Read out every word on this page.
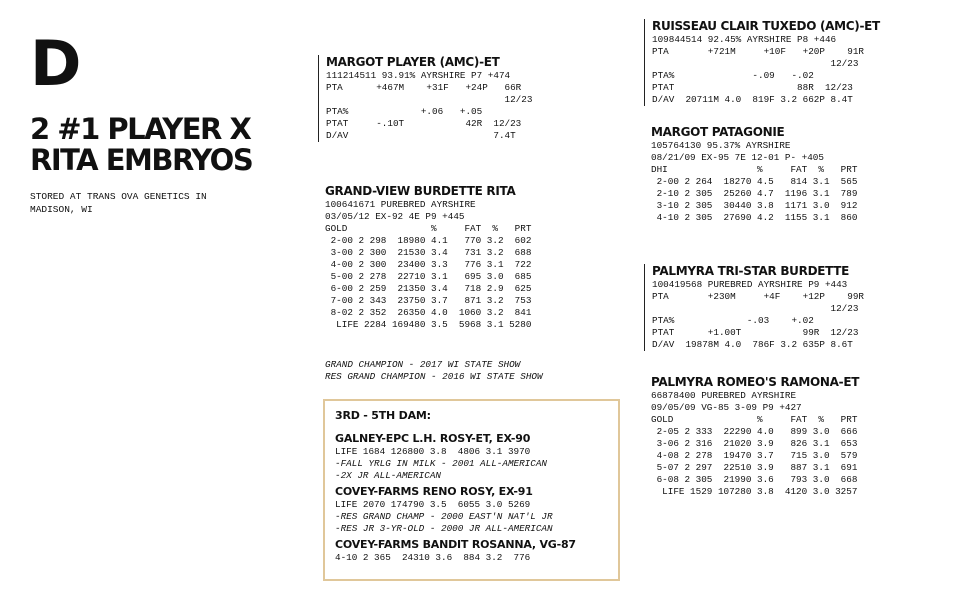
D
2 #1 PLAYER X
RITA EMBRYOS
STORED AT TRANS OVA GENETICS IN
MADISON, WI
MARGOT PLAYER (AMC)-ET
111214511 93.91% AYRSHIRE P7 +474
PTA      +467M    +31F   +24P   66R
12/23
PTA%             +.06   +.05
PTAT     -.10T           42R  12/23
D/AV                          7.4T
GRAND-VIEW BURDETTE RITA
100641671 PUREBRED AYRSHIRE
03/05/12 EX-92 4E P9 +445
GOLD               %     FAT  %   PRT
2-00 2 298  18980 4.1   770 3.2  602
3-00 2 300  21530 3.4   731 3.2  688
4-00 2 300  23400 3.3   776 3.1  722
5-00 2 278  22710 3.1   695 3.0  685
6-00 2 259  21350 3.4   718 2.9  625
7-00 2 343  23750 3.7   871 3.2  753
8-02 2 352  26350 4.0  1060 3.2  841
LIFE 2284 169480 3.5  5968 3.1 5280
GRAND CHAMPION - 2017 WI STATE SHOW
RES GRAND CHAMPION - 2016 WI STATE SHOW
3RD - 5TH DAM:
GALNEY-EPC L.H. ROSY-ET, EX-90
LIFE 1684 126800 3.8  4806 3.1 3970
-FALL YRLG IN MILK - 2001 ALL-AMERICAN
-2X JR ALL-AMERICAN
COVEY-FARMS RENO ROSY, EX-91
LIFE 2070 174790 3.5  6055 3.0 5269
-RES GRAND CHAMP - 2000 EAST'N NAT'L JR
-RES JR 3-YR-OLD - 2000 JR ALL-AMERICAN
COVEY-FARMS BANDIT ROSANNA, VG-87
4-10 2 365  24310 3.6  884 3.2  776
RUISSEAU CLAIR TUXEDO (AMC)-ET
109844514 92.45% AYRSHIRE P8 +446
PTA       +721M     +10F   +20P    91R
12/23
PTA%              -.09   -.02
PTAT                      88R  12/23
D/AV  20711M 4.0  819F 3.2 662P 8.4T
MARGOT PATAGONIE
105764130 95.37% AYRSHIRE
08/21/09 EX-95 7E 12-01 P- +405
DHI                %     FAT  %   PRT
2-00 2 264  18270 4.5   814 3.1  565
2-10 2 305  25260 4.7  1196 3.1  789
3-10 2 305  30440 3.8  1171 3.0  912
4-10 2 305  27690 4.2  1155 3.1  860
PALMYRA TRI-STAR BURDETTE
100419568 PUREBRED AYRSHIRE P9 +443
PTA       +230M     +4F    +12P    99R
12/23
PTA%             -.03    +.02
PTAT      +1.00T           99R  12/23
D/AV  19878M 4.0  786F 3.2 635P 8.6T
PALMYRA ROMEO'S RAMONA-ET
66878400 PUREBRED AYRSHIRE
09/05/09 VG-85 3-09 P9 +427
GOLD               %     FAT  %   PRT
2-05 2 333  22290 4.0   899 3.0  666
3-06 2 316  21020 3.9   826 3.1  653
4-08 2 278  19470 3.7   715 3.0  579
5-07 2 297  22510 3.9   887 3.1  691
6-08 2 305  21990 3.6   793 3.0  668
LIFE 1529 107280 3.8  4120 3.0 3257
